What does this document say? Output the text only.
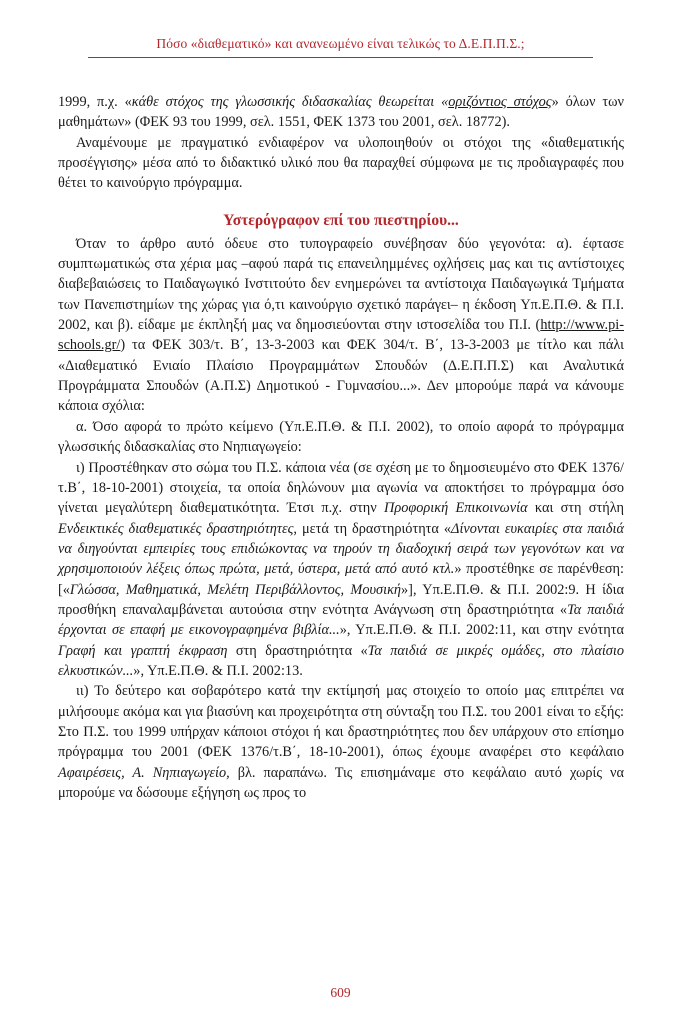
Πόσο «διαθεματικό» και ανανεωμένο είναι τελικώς το Δ.Ε.Π.Π.Σ.;

1999, π.χ. «κάθε στόχος της γλωσσικής διδασκαλίας θεωρείται «οριζόντιος στόχος» όλων των μαθημάτων» (ΦΕΚ 93 του 1999, σελ. 1551, ΦΕΚ 1373 του 2001, σελ. 18772).

Αναμένουμε με πραγματικό ενδιαφέρον να υλοποιηθούν οι στόχοι της «διαθεματικής προσέγγισης» μέσα από το διδακτικό υλικό που θα παραχθεί σύμφωνα με τις προδιαγραφές που θέτει το καινούργιο πρόγραμμα.

Υστερόγραφον επί του πιεστηρίου...

Όταν το άρθρο αυτό όδευε στο τυπογραφείο συνέβησαν δύο γεγονότα: α). έφτασε συμπτωματικώς στα χέρια μας –αφού παρά τις επανειλημμένες οχλήσεις μας και τις αντίστοιχες διαβεβαιώσεις το Παιδαγωγικό Ινστιτούτο δεν ενημερώνει τα αντίστοιχα Παιδαγωγικά Τμήματα των Πανεπιστημίων της χώρας για ό,τι καινούργιο σχετικό παράγει– η έκδοση Υπ.Ε.Π.Θ. & Π.Ι. 2002, και β). είδαμε με έκπληξή μας να δημοσιεύονται στην ιστοσελίδα του Π.Ι. (http://www.pi-schools.gr/) τα ΦΕΚ 303/τ. Β΄, 13-3-2003 και ΦΕΚ 304/τ. Β΄, 13-3-2003 με τίτλο και πάλι «Διαθεματικό Ενιαίο Πλαίσιο Προγραμμάτων Σπουδών (Δ.Ε.Π.Π.Σ) και Αναλυτικά Προγράμματα Σπουδών (Α.Π.Σ) Δημοτικού - Γυμνασίου...». Δεν μπορούμε παρά να κάνουμε κάποια σχόλια:

α. Όσο αφορά το πρώτο κείμενο (Υπ.Ε.Π.Θ. & Π.Ι. 2002), το οποίο αφορά το πρόγραμμα γλωσσικής διδασκαλίας στο Νηπιαγωγείο:

ι) Προστέθηκαν στο σώμα του Π.Σ. κάποια νέα (σε σχέση με το δημοσιευμένο στο ΦΕΚ 1376/τ.Β΄, 18-10-2001) στοιχεία, τα οποία δηλώνουν μια αγωνία να αποκτήσει το πρόγραμμα όσο γίνεται μεγαλύτερη διαθεματικότητα. Έτσι π.χ. στην Προφορική Επικοινωνία και στη στήλη Ενδεικτικές διαθεματικές δραστηριότητες, μετά τη δραστηριότητα «Δίνονται ευκαιρίες στα παιδιά να διηγούνται εμπειρίες τους επιδιώκοντας να τηρούν τη διαδοχική σειρά των γεγονότων και να χρησιμοποιούν λέξεις όπως πρώτα, μετά, ύστερα, μετά από αυτό κτλ.» προστέθηκε σε παρένθεση: [«Γλώσσα, Μαθηματικά, Μελέτη Περιβάλλοντος, Μουσική»], Υπ.Ε.Π.Θ. & Π.Ι. 2002:9. Η ίδια προσθήκη επαναλαμβάνεται αυτούσια στην ενότητα Ανάγνωση στη δραστηριότητα «Τα παιδιά έρχονται σε επαφή με εικονογραφημένα βιβλία...», Υπ.Ε.Π.Θ. & Π.Ι. 2002:11, και στην ενότητα Γραφή και γραπτή έκφραση στη δραστηριότητα «Τα παιδιά σε μικρές ομάδες, στο πλαίσιο ελκυστικών...», Υπ.Ε.Π.Θ. & Π.Ι. 2002:13.

ιι) Το δεύτερο και σοβαρότερο κατά την εκτίμησή μας στοιχείο το οποίο μας επιτρέπει να μιλήσουμε ακόμα και για βιασύνη και προχειρότητα στη σύνταξη του Π.Σ. του 2001 είναι το εξής: Στο Π.Σ. του 1999 υπήρχαν κάποιοι στόχοι ή και δραστηριότητες που δεν υπάρχουν στο επίσημο πρόγραμμα του 2001 (ΦΕΚ 1376/τ.Β΄, 18-10-2001), όπως έχουμε αναφέρει στο κεφάλαιο Αφαιρέσεις, Α. Νηπιαγωγείο, βλ. παραπάνω. Τις επισημάναμε στο κεφάλαιο αυτό χωρίς να μπορούμε να δώσουμε εξήγηση ως προς το

609
